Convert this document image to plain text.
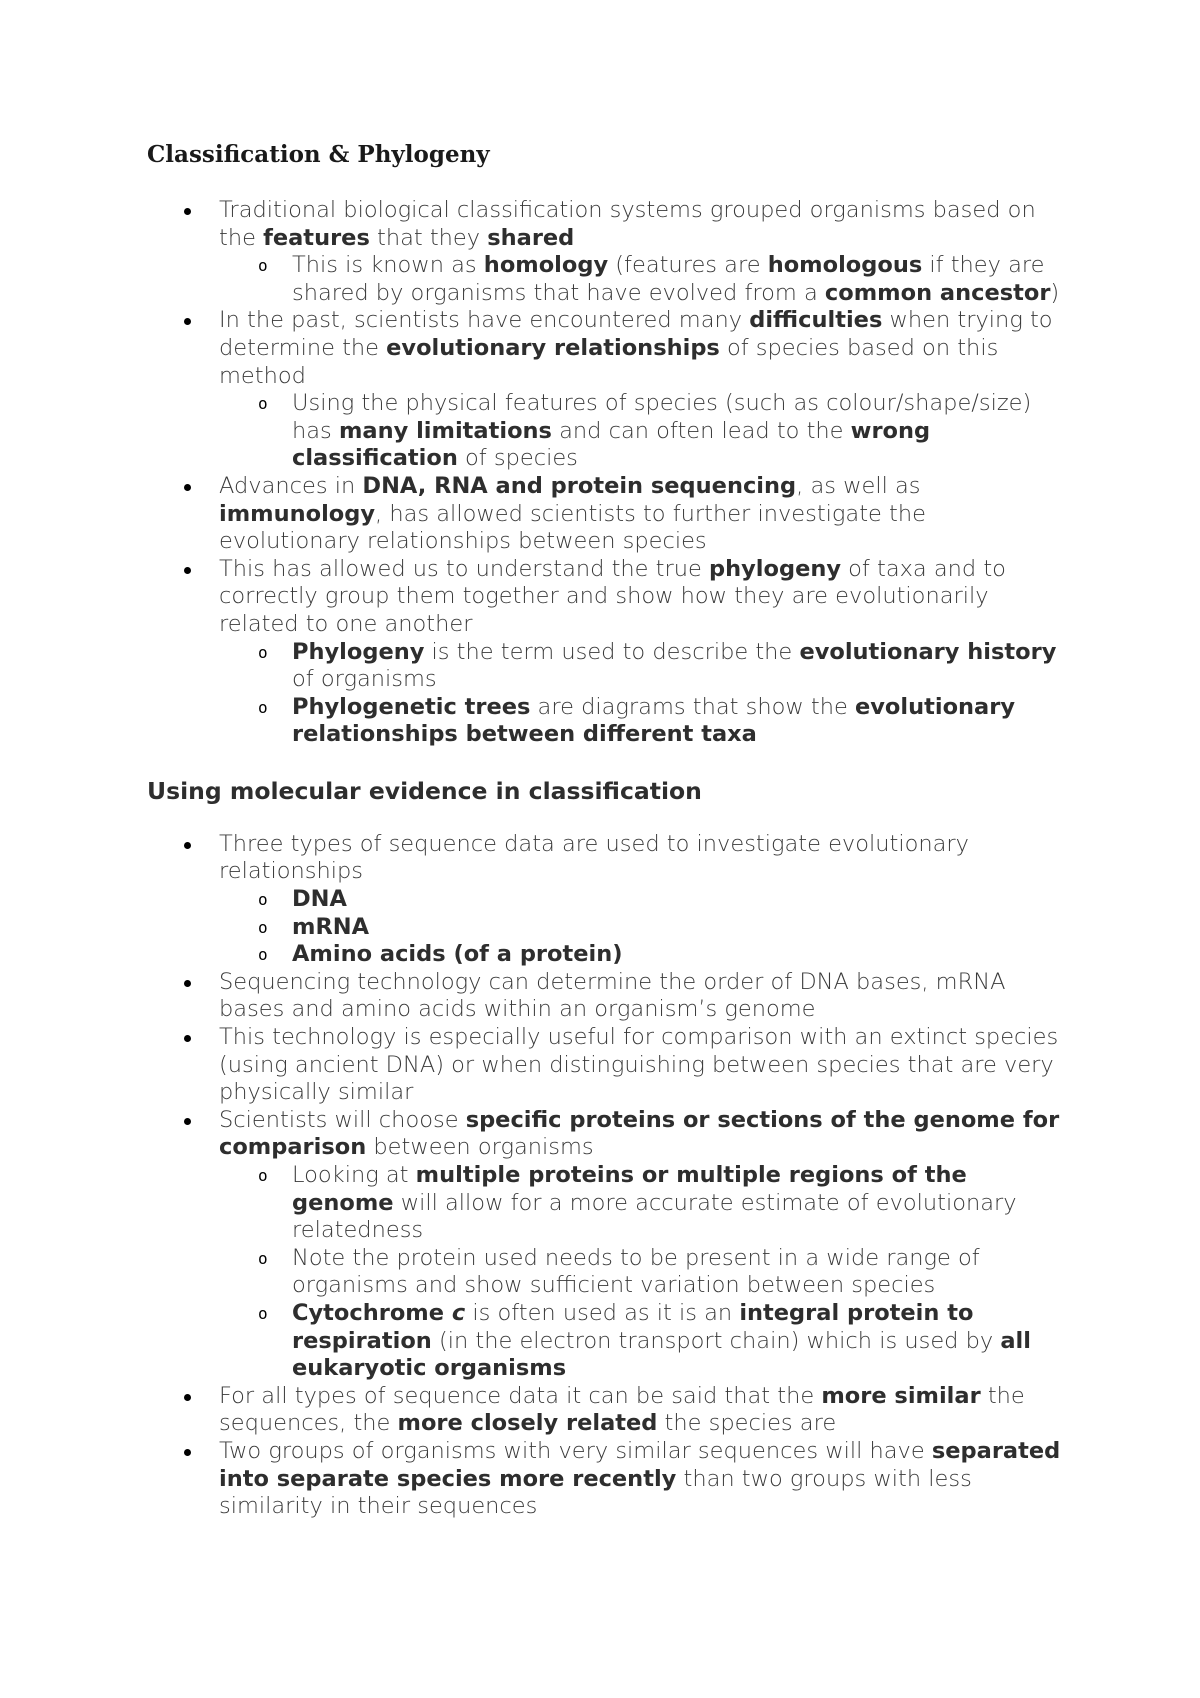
Classification & Phylogeny
Traditional biological classification systems grouped organisms based on the features that they shared
o This is known as homology (features are homologous if they are shared by organisms that have evolved from a common ancestor)
In the past, scientists have encountered many difficulties when trying to determine the evolutionary relationships of species based on this method
o Using the physical features of species (such as colour/shape/size) has many limitations and can often lead to the wrong classification of species
Advances in DNA, RNA and protein sequencing, as well as immunology, has allowed scientists to further investigate the evolutionary relationships between species
This has allowed us to understand the true phylogeny of taxa and to correctly group them together and show how they are evolutionarily related to one another
o Phylogeny is the term used to describe the evolutionary history of organisms
o Phylogenetic trees are diagrams that show the evolutionary relationships between different taxa
Using molecular evidence in classification
Three types of sequence data are used to investigate evolutionary relationships
o DNA
o mRNA
o Amino acids (of a protein)
Sequencing technology can determine the order of DNA bases, mRNA bases and amino acids within an organism’s genome
This technology is especially useful for comparison with an extinct species (using ancient DNA) or when distinguishing between species that are very physically similar
Scientists will choose specific proteins or sections of the genome for comparison between organisms
o Looking at multiple proteins or multiple regions of the genome will allow for a more accurate estimate of evolutionary relatedness
o Note the protein used needs to be present in a wide range of organisms and show sufficient variation between species
o Cytochrome c is often used as it is an integral protein to respiration (in the electron transport chain) which is used by all eukaryotic organisms
For all types of sequence data it can be said that the more similar the sequences, the more closely related the species are
Two groups of organisms with very similar sequences will have separated into separate species more recently than two groups with less similarity in their sequences
